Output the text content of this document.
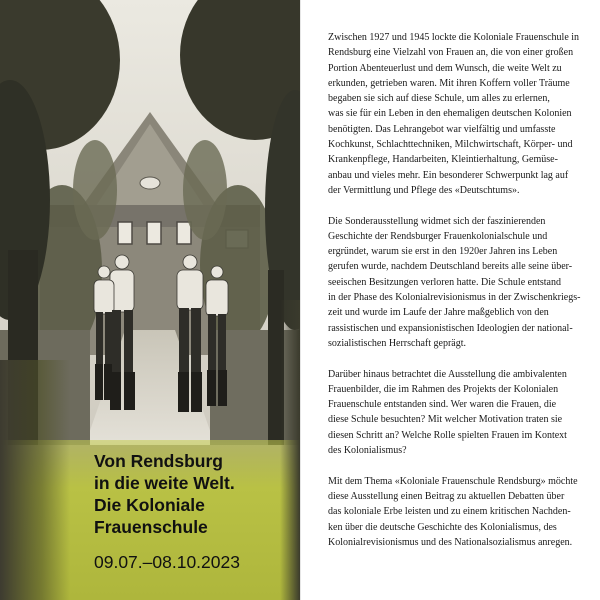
Von Rendsburg
in die weite Welt.
Die Koloniale
Frauenschule
09.07.–08.10.2023

Zwischen 1927 und 1945 lockte die Koloniale Frauenschule in
Rendsburg eine Vielzahl von Frauen an, die von einer großen
Portion Abenteuerlust und dem Wunsch, die weite Welt zu
erkunden, getrieben waren. Mit ihren Koffern voller Träume
begaben sie sich auf diese Schule, um alles zu erlernen,
was sie für ein Leben in den ehemaligen deutschen Kolonien
benötigten. Das Lehrangebot war vielfältig und umfasste
Kochkunst, Schlachttechniken, Milchwirtschaft, Körper- und
Krankenpflege, Handarbeiten, Kleintierhaltung, Gemüse-
anbau und vieles mehr. Ein besonderer Schwerpunkt lag auf
der Vermittlung und Pflege des «Deutschtums».

Die Sonderausstellung widmet sich der faszinierenden
Geschichte der Rendsburger Frauenkolonialschule und
ergründet, warum sie erst in den 1920er Jahren ins Leben
gerufen wurde, nachdem Deutschland bereits alle seine über-
seeischen Besitzungen verloren hatte. Die Schule entstand
in der Phase des Kolonialrevisionismus in der Zwischenkriegs-
zeit und wurde im Laufe der Jahre maßgeblich von den
rassistischen und expansionistischen Ideologien der national-
sozialistischen Herrschaft geprägt.

Darüber hinaus betrachtet die Ausstellung die ambivalenten
Frauenbilder, die im Rahmen des Projekts der Kolonialen
Frauenschule entstanden sind. Wer waren die Frauen, die
diese Schule besuchten? Mit welcher Motivation traten sie
diesen Schritt an? Welche Rolle spielten Frauen im Kontext
des Kolonialismus?

Mit dem Thema «Koloniale Frauenschule Rendsburg» möchte
diese Ausstellung einen Beitrag zu aktuellen Debatten über
das koloniale Erbe leisten und zu einem kritischen Nachden-
ken über die deutsche Geschichte des Kolonialismus, des
Kolonialrevisionismus und des Nationalsozialismus anregen.
